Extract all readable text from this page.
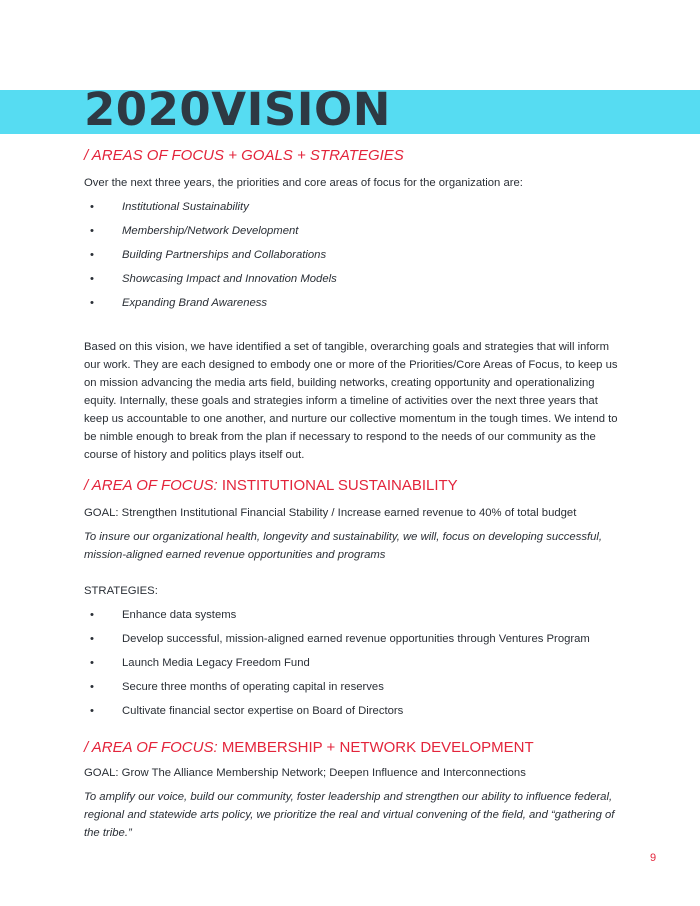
2020VISION
/ AREAS OF FOCUS + GOALS + STRATEGIES

Over the next three years, the priorities and core areas of focus for the organization are:

• Institutional Sustainability
• Membership/Network Development
• Building Partnerships and Collaborations
• Showcasing Impact and Innovation Models
• Expanding Brand Awareness

Based on this vision, we have identified a set of tangible, overarching goals and strategies that will inform our work. They are each designed to embody one or more of the Priorities/Core Areas of Focus, to keep us on mission advancing the media arts field, building networks, creating opportunity and operationalizing equity. Internally, these goals and strategies inform a timeline of activities over the next three years that keep us accountable to one another, and nurture our collective momentum in the tough times. We intend to be nimble enough to break from the plan if necessary to respond to the needs of our community as the course of history and politics plays itself out.

/ AREA OF FOCUS: INSTITUTIONAL SUSTAINABILITY

GOAL: Strengthen Institutional Financial Stability / Increase earned revenue to 40% of total budget

To insure our organizational health, longevity and sustainability, we will, focus on developing successful, mission-aligned earned revenue opportunities and programs

STRATEGIES:

• Enhance data systems
• Develop successful, mission-aligned earned revenue opportunities through Ventures Program
• Launch Media Legacy Freedom Fund
• Secure three months of operating capital in reserves
• Cultivate financial sector expertise on Board of Directors
/ AREA OF FOCUS: MEMBERSHIP + NETWORK DEVELOPMENT

GOAL: Grow The Alliance Membership Network; Deepen Influence and Interconnections

To amplify our voice, build our community, foster leadership and strengthen our ability to influence federal, regional and statewide arts policy, we prioritize the real and virtual convening of the field, and “gathering of the tribe.”

9
